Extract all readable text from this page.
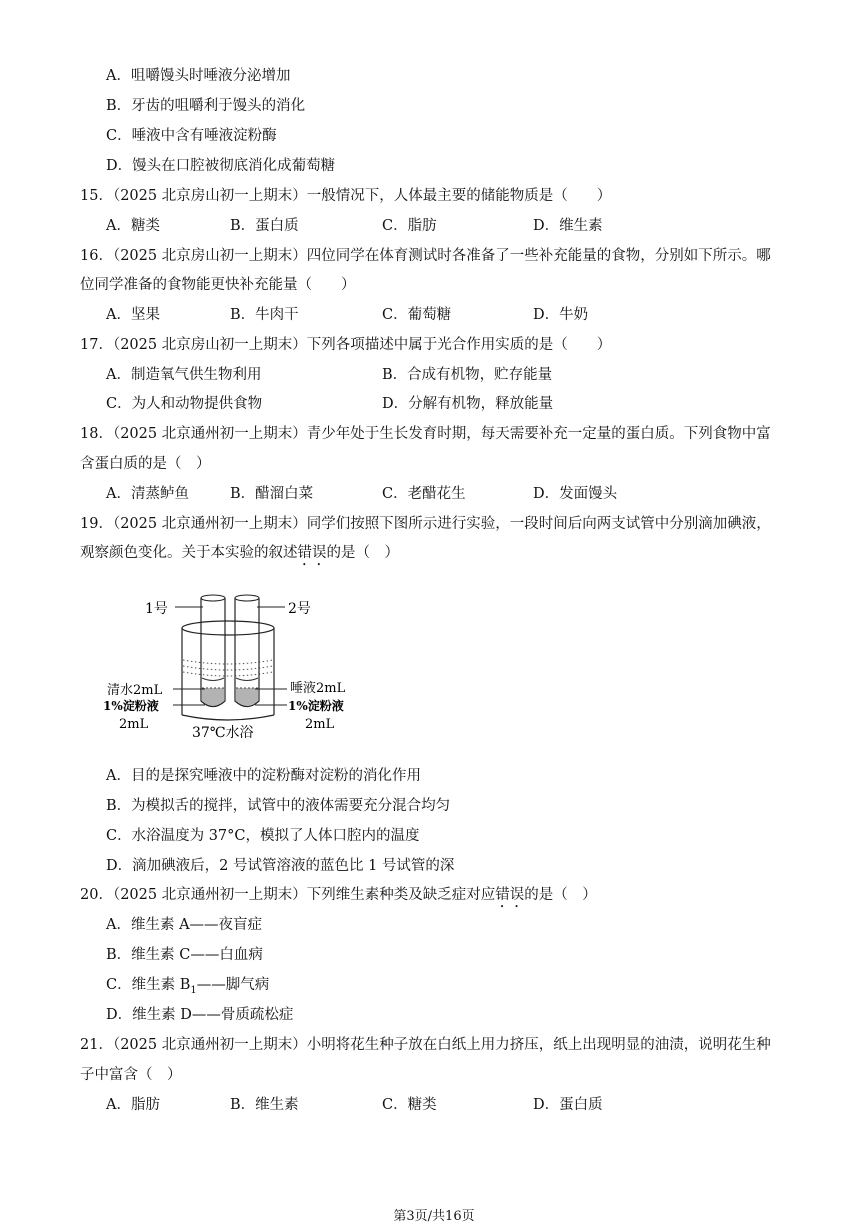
A．咀嚼馒头时唾液分泌增加
B．牙齿的咀嚼利于馒头的消化
C．唾液中含有唾液淀粉酶
D．馒头在口腔被彻底消化成葡萄糖
15．（2025 北京房山初一上期末）一般情况下，人体最主要的储能物质是（　　）
A．糖类	B．蛋白质	C．脂肪	D．维生素
16．（2025 北京房山初一上期末）四位同学在体育测试时各准备了一些补充能量的食物，分别如下所示。哪
位同学准备的食物能更快补充能量（　　）
A．坚果	B．牛肉干	C．葡萄糖	D．牛奶
17．（2025 北京房山初一上期末）下列各项描述中属于光合作用实质的是（　　）
A．制造氧气供生物利用	B．合成有机物，贮存能量
C．为人和动物提供食物	D．分解有机物，释放能量
18．（2025 北京通州初一上期末）青少年处于生长发育时期，每天需要补充一定量的蛋白质。下列食物中富
含蛋白质的是（　）
A．清蒸鲈鱼	B．醋溜白菜	C．老醋花生	D．发面馒头
19．（2025 北京通州初一上期末）同学们按照下图所示进行实验，一段时间后向两支试管中分别滴加碘液，
观察颜色变化。关于本实验的叙述错误的是（　）
1号	2号
清水2mL
1%淀粉液
2mL
唾液2mL
1%淀粉液
2mL
37℃水浴
A．目的是探究唾液中的淀粉酶对淀粉的消化作用
B．为模拟舌的搅拌，试管中的液体需要充分混合均匀
C．水浴温度为 37°C，模拟了人体口腔内的温度
D．滴加碘液后，2 号试管溶液的蓝色比 1 号试管的深
20．（2025 北京通州初一上期末）下列维生素种类及缺乏症对应错误的是（　）
A．维生素 A——夜盲症
B．维生素 C——白血病
C．维生素 $B_1——$脚气病
D．维生素 D——骨质疏松症
21．（2025 北京通州初一上期末）小明将花生种子放在白纸上用力挤压，纸上出现明显的油渍，说明花生种
子中富含（　）
A．脂肪	B．维生素	C．糖类	D．蛋白质
第3页/共16页
